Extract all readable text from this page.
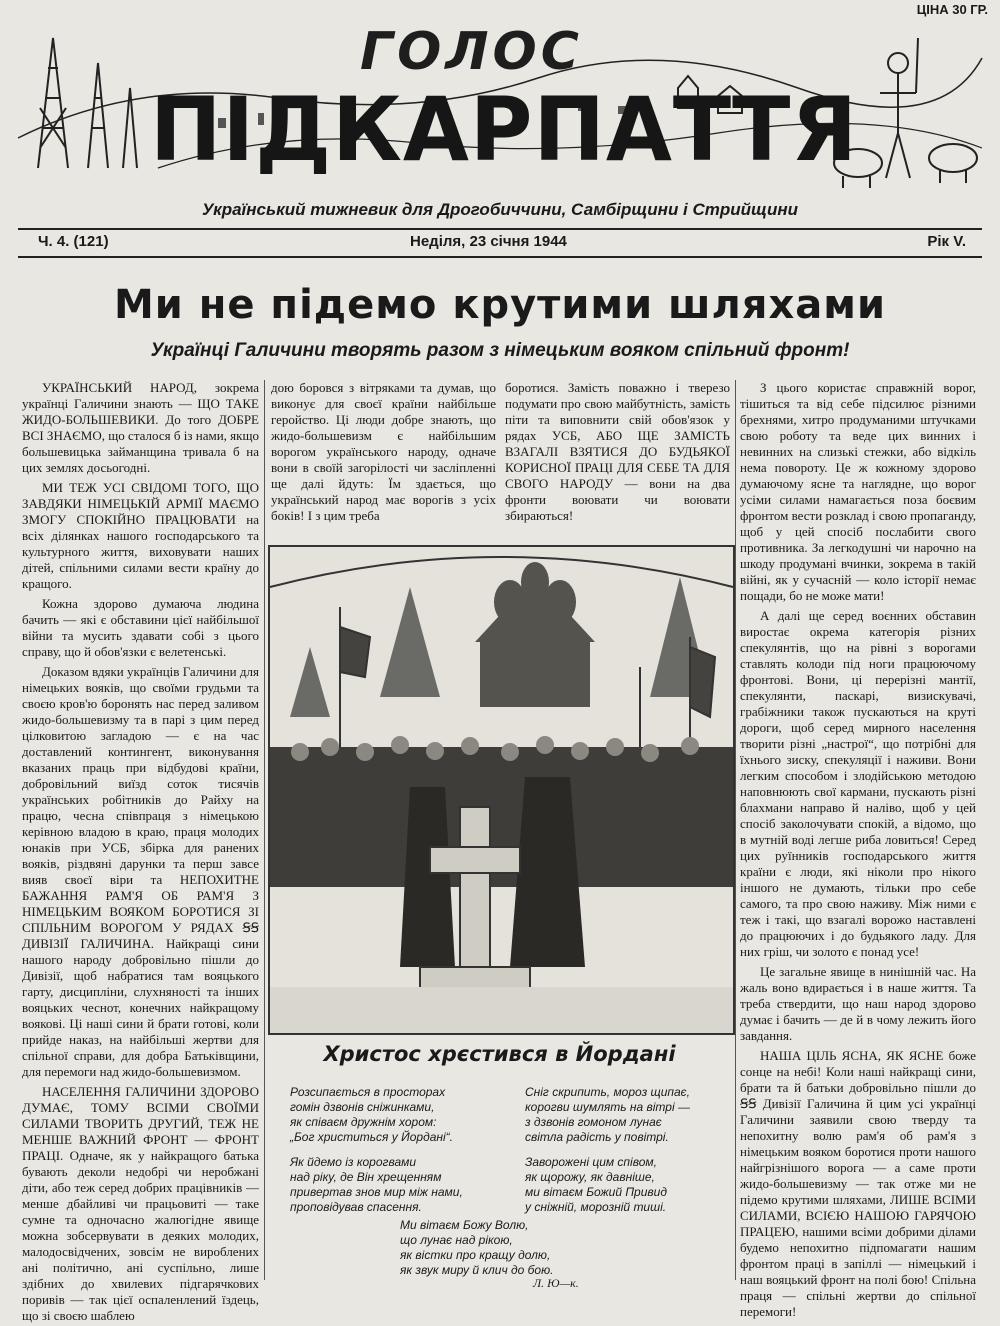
ЦІНА 30 ГР.
ГОЛОС
ПІДКАРПАТТЯ
Український тижневик для Дрогобиччини, Самбірщини і Стрийщини
Ч. 4. (121)	Неділя, 23 січня 1944	Рік V.
Ми не підемо крутими шляхами
Українці Галичини творять разом з німецьким вояком спільний фронт!

УКРАЇНСЬКИЙ НАРОД, зокрема українці Галичини знають — ЩО ТАКЕ ЖИДО-БОЛЬШЕВИКИ. До того ДОБРЕ ВСІ ЗНАЄМО, що сталося б із нами, якщо большевицька займанщина тривала б на цих землях досьогодні.

МИ ТЕЖ УСІ СВІДОМІ ТОГО, ЩО ЗАВДЯКИ НІМЕЦЬКІЙ АРМІЇ МАЄМО ЗМОГУ СПОКІЙНО ПРАЦЮВАТИ на всіх ділянках нашого господарського та культурного життя, виховувати наших дітей, спільними силами вести країну до кращого.

Кожна здорово думаюча людина бачить — які є обставини цієї найбільшої війни та мусить здавати собі з цього справу, що й обов'язки є велетенські.

Доказом вдяки українців Галичини для німецьких вояків, що своїми грудьми та своєю кров'ю боронять нас перед заливом жидо-большевизму та в парі з цим перед цілковитою загладою — є на час доставлений контингент, виконування вказаних праць при відбудові країни, добровільний виїзд соток тисячів українських робітників до Райху на працю, чесна співпраця з німецькою керівною владою в краю, праця молодих юнаків при УСБ, збірка для ранених вояків, різдвяні дарунки та перш завсе вияв своєї віри та НЕПОХИТНЕ БАЖАННЯ РАМ'Я ОБ РАМ'Я З НІМЕЦЬКИМ ВОЯКОМ БОРОТИСЯ ЗІ СПІЛЬНИМ ВОРОГОМ У РЯДАХ ꞨꞨ ДИВІЗІЇ ГАЛИЧИНА. Найкращі сини нашого народу добровільно пішли до Дивізії, щоб набратися там вояцького гарту, дисципліни, слухняності та інших вояцьких чеснот, конечних найкращому воякові. Ці наші сини й брати готові, коли прийде наказ, на найбільші жертви для спільної справи, для добра Батьківщини, для перемоги над жидо-большевизмом.

НАСЕЛЕННЯ ГАЛИЧИНИ ЗДОРОВО ДУМАЄ, ТОМУ ВСІМИ СВОЇМИ СИЛАМИ ТВОРИТЬ ДРУГИЙ, ТЕЖ НЕ МЕНШЕ ВАЖНИЙ ФРОНТ — ФРОНТ ПРАЦІ. Одначе, як у найкращого батька бувають деколи недобрі чи неробжані діти, або теж серед добрих працівників — менше дбайливі чи працьовиті — таке сумне та одночасно жалюгідне явище можна зобсервувати в деяких молодих, малодосвідчених, зовсім не вироблених ані політично, ані суспільно, лише здібних до хвилевих підгарячкових поривів — так цієї оспаленлений їздець, що зі своєю шаблею

дою боровся з вітряками та думав, що виконує для своєї країни найбільше геройство. Ці люди добре знають, що жидо-большевизм є найбільшим ворогом українського народу, одначе вони в своїй загорілості чи засліпленні ще далі йдуть: Їм здається, що український народ має ворогів з усіх боків! І з цим треба

боротися. Замість поважно і тверезо подумати про свою майбутність, замість піти та виповнити свій обов'язок у рядах УСБ, АБО ЩЕ ЗАМІСТЬ ВЗАГАЛІ ВЗЯТИСЯ ДО БУДЬЯКОЇ КОРИСНОЇ ПРАЦІ ДЛЯ СЕБЕ ТА ДЛЯ СВОГО НАРОДУ — вони на два фронти воювати чи воювати збираються!

З цього користає справжній ворог, тішиться та від себе підсилює різними брехнями, хитро продуманими штучками свою роботу та веде цих винних і невинних на слизькі стежки, або відкіль нема повороту. Це ж кожному здорово думаючому ясне та наглядне, що ворог усіми силами намагається поза боєвим фронтом вести розклад і свою пропаганду, щоб у цей спосіб послабити свого противника. За легкодушні чи нарочно на шкоду продумані вчинки, зокрема в такій війні, як у сучасній — коло історії немає пощади, бо не може мати!

А далі ще серед воєнних обставин виростає окрема категорія різних спекулянтів, що на рівні з ворогами ставлять колоди під ноги працюючому фронтові. Вони, ці перерізні мантії, спекулянти, паскарі, визискувачі, грабіжники також пускаються на круті дороги, щоб серед мирного населення творити різні „настрої“, що потрібні для їхнього зиску, спекуляції і наживи. Вони легким способом і злодійською методою наповнюють свої кармани, пускають різні блахмани направо й наліво, щоб у цей спосіб заколочувати спокій, а відомо, що в мутній воді легше риба ловиться! Серед цих руїнників господарського життя країни є люди, які ніколи про нікого іншого не думають, тільки про себе самого, та про свою наживу. Між ними є теж і такі, що взагалі ворожо наставлені до працюючих і до будьякого ладу. Для них гріш, чи золото є понад усе!

Це загальне явище в нинішній час. На жаль воно вдирається і в наше життя. Та треба ствердити, що наш народ здорово думає і бачить — де й в чому лежить його завдання.

НАША ЦІЛЬ ЯСНА, ЯК ЯСНЕ боже сонце на небі! Коли наші найкращі сини, брати та й батьки добровільно пішли до ꞨꞨ Дивізії Галичина й цим усі українці Галичини заявили свою тверду та непохитну волю рам'я об рам'я з німецьким вояком боротися проти нашого найгрізнішого ворога — а саме проти жидо-большевизму — так отже ми не підемо крутими шляхами, ЛИШЕ ВСІМИ СИЛАМИ, ВСІЄЮ НАШОЮ ГАРЯЧОЮ ПРАЦЕЮ, нашими всіми добрими ділами будемо непохитно підпомагати нашим фронтом праці в запіллі — німецький і наш вояцький фронт на полі бою! Спільна праця — спільні жертви до спільної перемоги!

Христос хрєстився в Йордані
Розсипається в просторах
гомін дзвонів сніжинками,
як співаєм дружнім хором:
„Бог христиться у Йордані“.
Як йдемо із корогвами
над ріку, де Він хрещенням
привертав знов мир між нами,
проповідував спасення.
Сніг скрипить, мороз щипає,
корогви шумлять на вітрі —
з дзвонів гомоном лунає
світла радість у повітрі.
Заворожені цим співом,
як щорожу, як давніше,
ми вітаєм Божий Привид
у сніжній, морозній тиші.
Ми вітаєм Божу Волю,
що лунає над рікою,
як вістки про кращу долю,
як звук миру й клич до бою.
Л. Ю—к.
